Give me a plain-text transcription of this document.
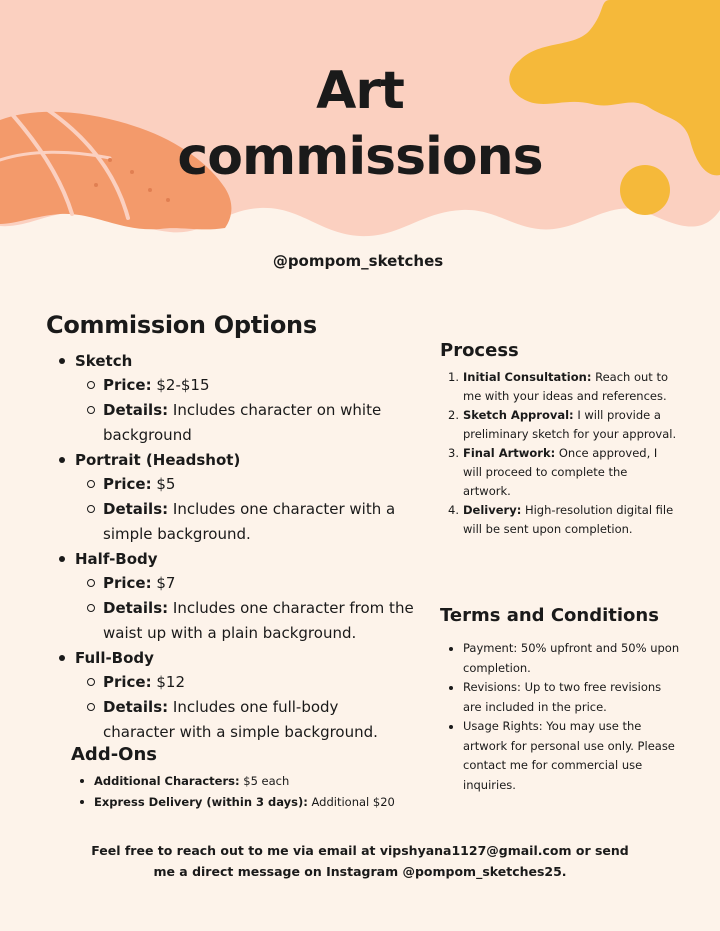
Art
commissions
@pompom_sketches
Commission Options
Sketch
Price: $2-$15
Details: Includes character on white background
Portrait (Headshot)
Price: $5
Details: Includes one character with a simple background.
Half-Body
Price: $7
Details: Includes one character from the waist up with a plain background.
Full-Body
Price: $12
Details: Includes one full-body character with a simple background.
Add-Ons
Additional Characters: $5 each
Express Delivery (within 3 days): Additional $20
Process
1. Initial Consultation: Reach out to me with your ideas and references.
2. Sketch Approval: I will provide a preliminary sketch for your approval.
3. Final Artwork: Once approved, I will proceed to complete the artwork.
4. Delivery: High-resolution digital file will be sent upon completion.
Terms and Conditions
Payment: 50% upfront and 50% upon completion.
Revisions: Up to two free revisions are included in the price.
Usage Rights: You may use the artwork for personal use only. Please contact me for commercial use inquiries.
Feel free to reach out to me via email at vipshyana1127@gmail.com or send
me a direct message on Instagram @pompom_sketches25.
